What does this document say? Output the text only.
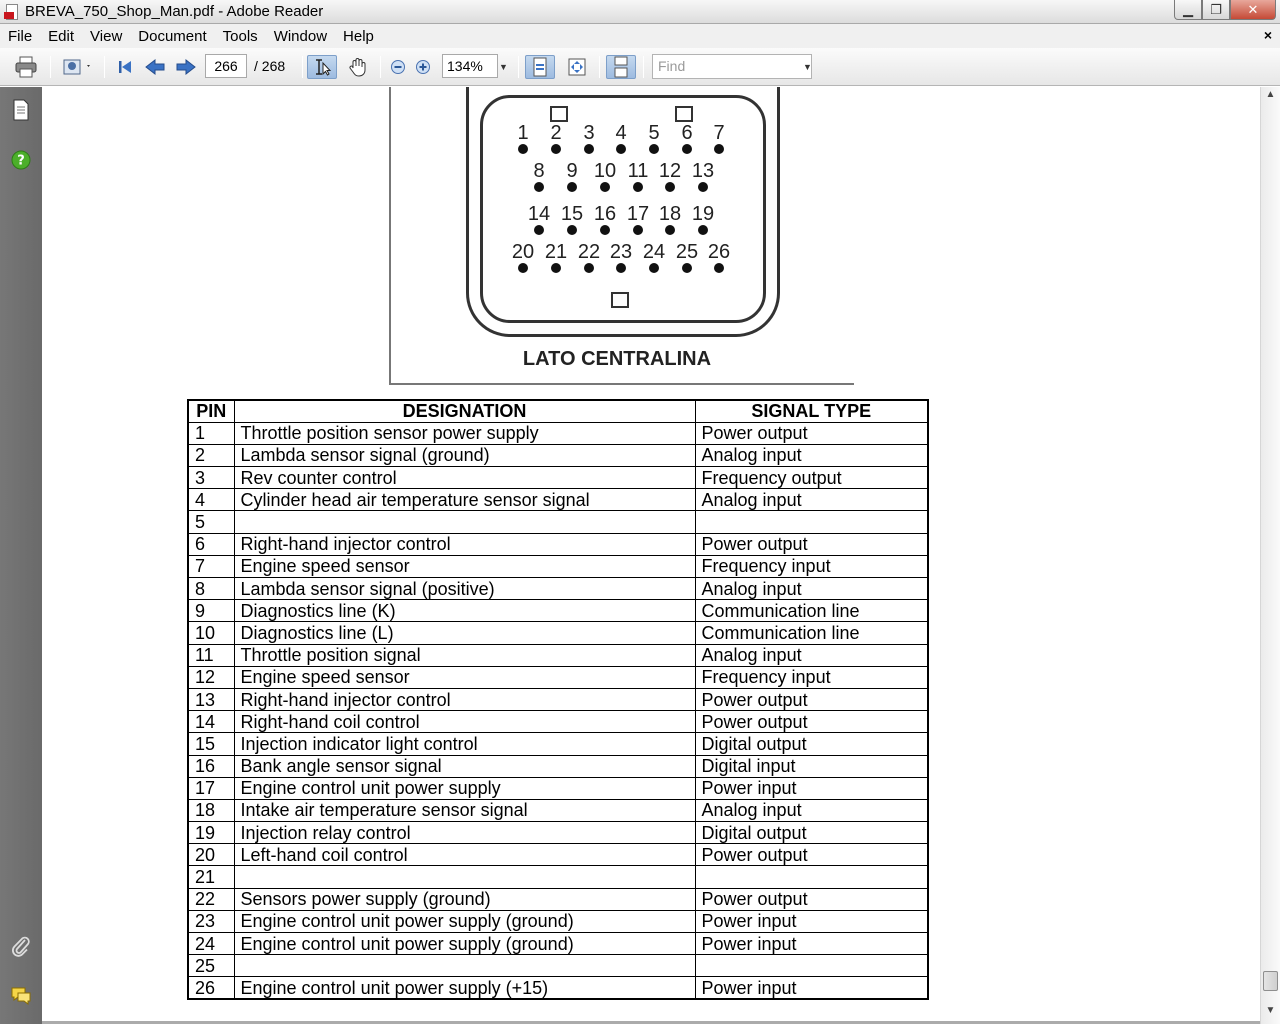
BREVA_750_Shop_Man.pdf - Adobe Reader	▁	❐	✕
File	Edit	View	Document	Tools	Window	Help	×
266	/ 268	134%	▼	Find	▼
?
1	2	3	4	5	6	7
8	9 10 11 12 13
14 15 16 17 18 19
20 21 22 23 24 25 26
LATO CENTRALINA
PIN	DESIGNATION	SIGNAL TYPE
1	Throttle position sensor power supply	Power output
2	Lambda sensor signal (ground)	Analog input
3	Rev counter control	Frequency output
4	Cylinder head air temperature sensor signal	Analog input
5		
6	Right-hand injector control	Power output
7	Engine speed sensor	Frequency input
8	Lambda sensor signal (positive)	Analog input
9	Diagnostics line (K)	Communication line
10	Diagnostics line (L)	Communication line
11	Throttle position signal	Analog input
12	Engine speed sensor	Frequency input
13	Right-hand injector control	Power output
14	Right-hand coil control	Power output
15	Injection indicator light control	Digital output
16	Bank angle sensor signal	Digital input
17	Engine control unit power supply	Power input
18	Intake air temperature sensor signal	Analog input
19	Injection relay control	Digital output
20	Left-hand coil control	Power output
21		
22	Sensors power supply (ground)	Power output
23	Engine control unit power supply (ground)	Power input
24	Engine control unit power supply (ground)	Power input
25		
26	Engine control unit power supply (+15)	Power input
▲
▼
